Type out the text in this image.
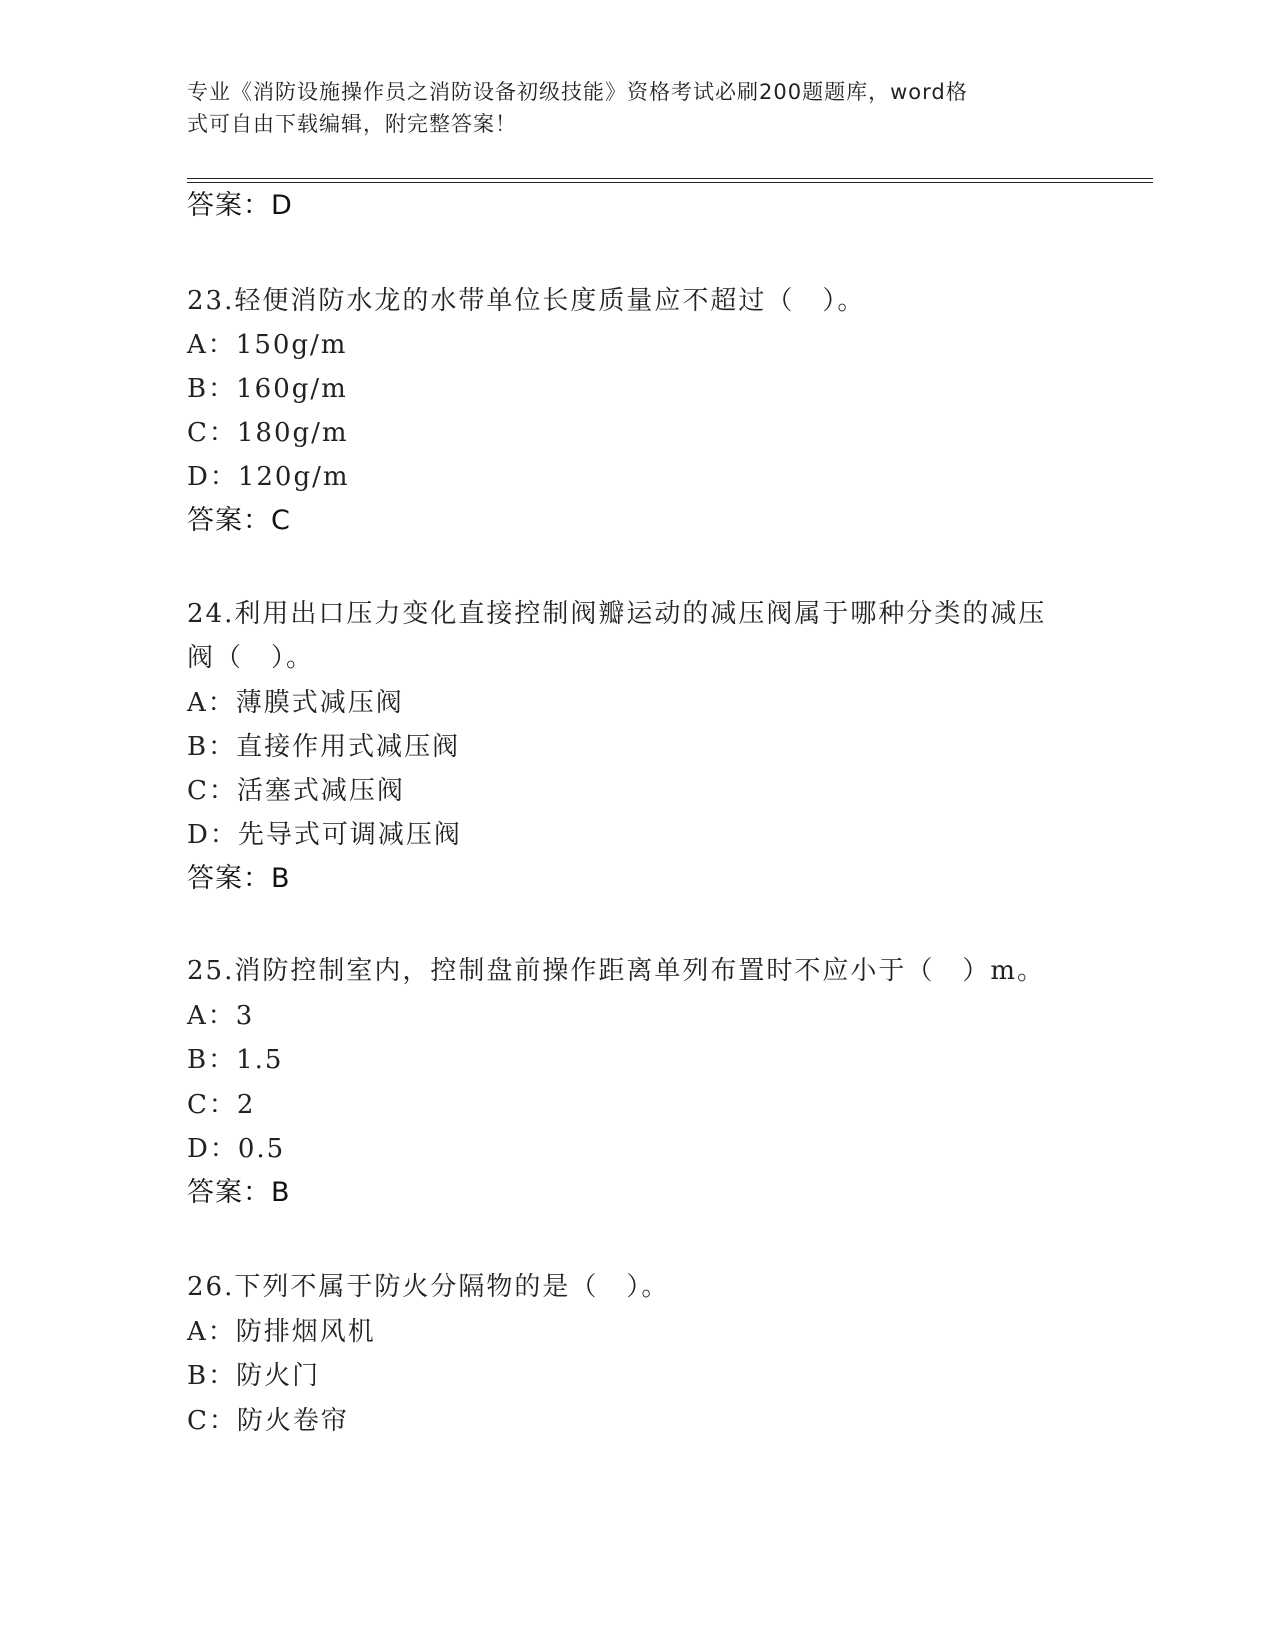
专业《消防设施操作员之消防设备初级技能》资格考试必刷200题题库，word格
式可自由下载编辑，附完整答案！
答案：D
23.轻便消防水龙的水带单位长度质量应不超过（　）。
A：150g/m
B：160g/m
C：180g/m
D：120g/m
答案：C
24.利用出口压力变化直接控制阀瓣运动的减压阀属于哪种分类的减压
阀（　）。
A：薄膜式减压阀
B：直接作用式减压阀
C：活塞式减压阀
D：先导式可调减压阀
答案：B
25.消防控制室内，控制盘前操作距离单列布置时不应小于（　）m。
A：3
B：1.5
C：2
D：0.5
答案：B
26.下列不属于防火分隔物的是（　）。
A：防排烟风机
B：防火门
C：防火卷帘
